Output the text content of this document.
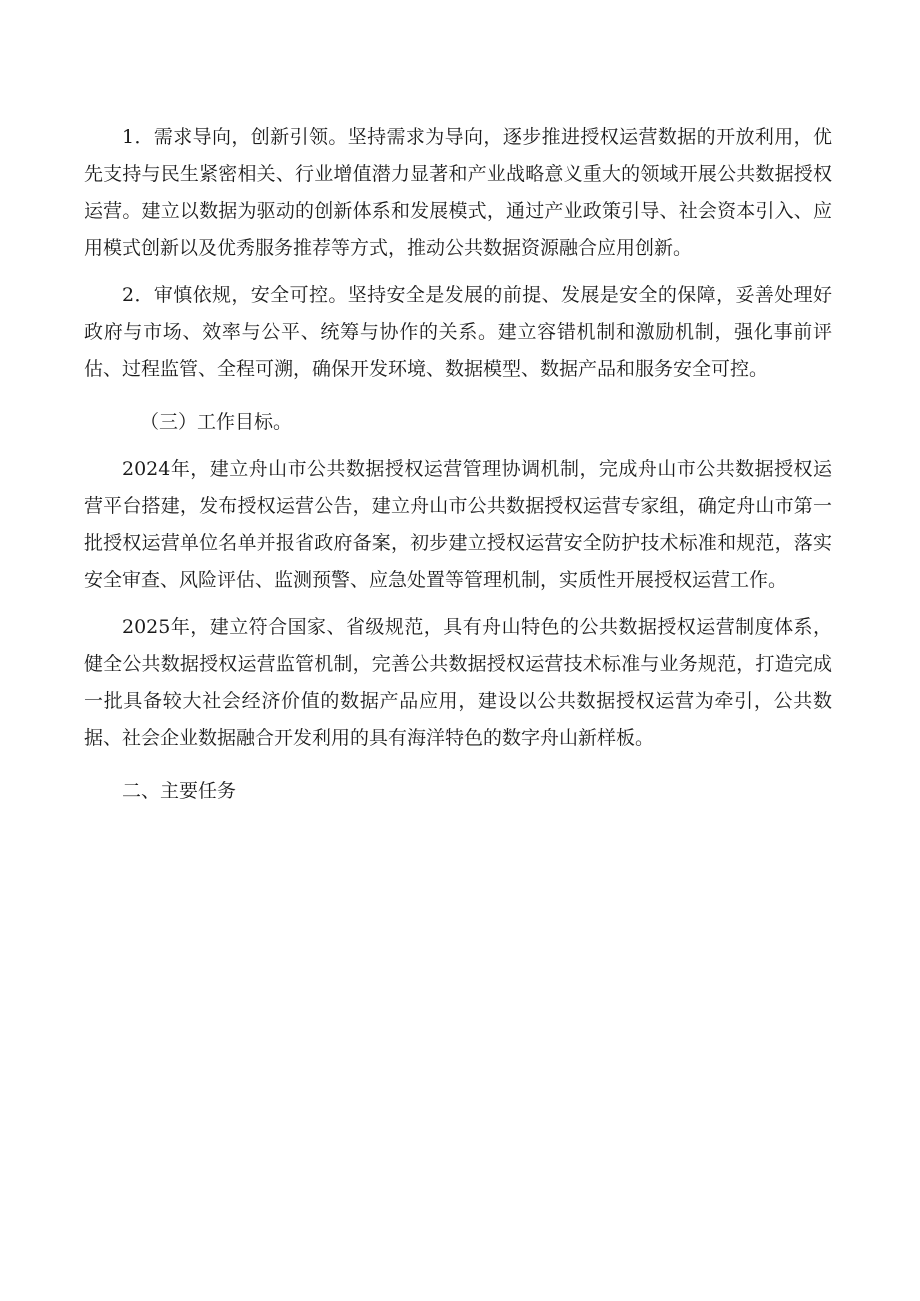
1．需求导向，创新引领。坚持需求为导向，逐步推进授权运营数据的开放利用，优先支持与民生紧密相关、行业增值潜力显著和产业战略意义重大的领域开展公共数据授权运营。建立以数据为驱动的创新体系和发展模式，通过产业政策引导、社会资本引入、应用模式创新以及优秀服务推荐等方式，推动公共数据资源融合应用创新。

2．审慎依规，安全可控。坚持安全是发展的前提、发展是安全的保障，妥善处理好政府与市场、效率与公平、统筹与协作的关系。建立容错机制和激励机制，强化事前评估、过程监管、全程可溯，确保开发环境、数据模型、数据产品和服务安全可控。

（三）工作目标。

2024年，建立舟山市公共数据授权运营管理协调机制，完成舟山市公共数据授权运营平台搭建，发布授权运营公告，建立舟山市公共数据授权运营专家组，确定舟山市第一批授权运营单位名单并报省政府备案，初步建立授权运营安全防护技术标准和规范，落实安全审查、风险评估、监测预警、应急处置等管理机制，实质性开展授权运营工作。

2025年，建立符合国家、省级规范，具有舟山特色的公共数据授权运营制度体系，健全公共数据授权运营监管机制，完善公共数据授权运营技术标准与业务规范，打造完成一批具备较大社会经济价值的数据产品应用，建设以公共数据授权运营为牵引，公共数据、社会企业数据融合开发利用的具有海洋特色的数字舟山新样板。

二、主要任务
